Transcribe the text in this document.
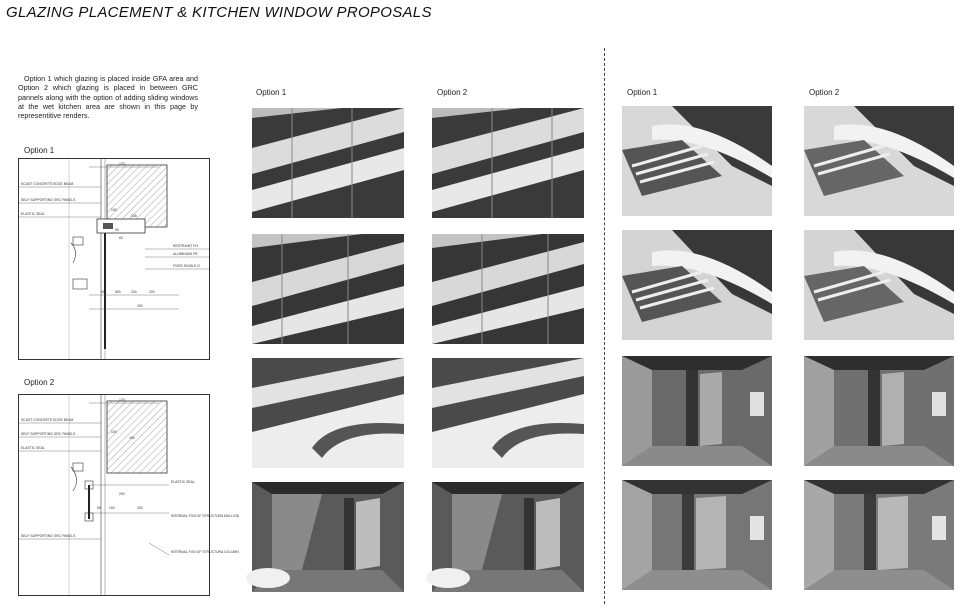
GLAZING PLACEMENT & KITCHEN WINDOW PROPOSALS
Option 1 which glazing is placed inside GFA area and Option 2 which glazing is placed in between GRC pannels along with the option of adding sliding windows at the wet kitchen area are shown in this page by representitive renders.
Option 1
SCAST CONCRETE EDGE BEAM
SELF SUPPORTING GRC PANELS
ELASTIC SEAL
RESTRAINT FIX
ALUMINIUM FR
FIXED SINGLE G
120
100
135
50
60
200
60	500	200
300
Option 2
SCAST CONCRETE EDGE BEAM
SELF SUPPORTING GRC PANELS
ELASTIC SEAL
ELASTIC SEAL
INTERNAL FIXII OF STRUCTURA MULLION
SELF SUPPORTING GRC PANELS
INTERNAL FIXII OF STRUCTURA COLUMN
120
100
150
200
100	200
60
Option 1	Option 2	Option 1	Option 2
